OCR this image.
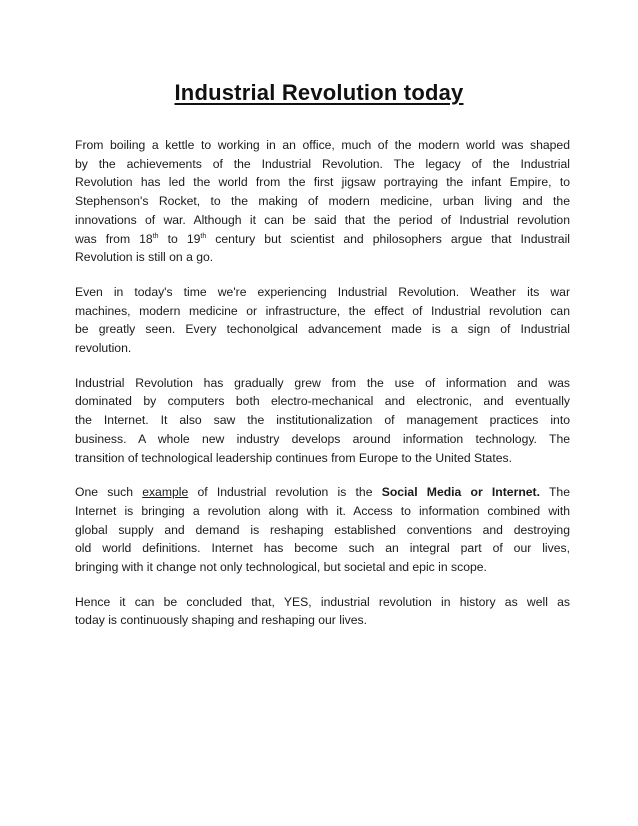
Industrial Revolution today

From boiling a kettle to working in an office, much of the modern world was shaped
by the achievements of the Industrial Revolution. The legacy of the Industrial
Revolution has led the world from the first jigsaw portraying the infant Empire, to
Stephenson's Rocket, to the making of modern medicine, urban living and the
innovations of war. Although it can be said that the period of Industrial revolution
was from 18th to 19th century but scientist and philosophers argue that Industrail
Revolution is still on a go.

Even in today's time we're experiencing Industrial Revolution. Weather its war
machines, modern medicine or infrastructure, the effect of Industrial revolution can
be greatly seen. Every techonolgical advancement made is a sign of Industrial
revolution.

Industrial Revolution has gradually grew from the use of information and was
dominated by computers both electro-mechanical and electronic, and eventually
the Internet. It also saw the institutionalization of management practices into
business. A whole new industry develops around information technology. The
transition of technological leadership continues from Europe to the United States.

One such example of Industrial revolution is the Social Media or Internet. The
Internet is bringing a revolution along with it. Access to information combined with
global supply and demand is reshaping established conventions and destroying
old world definitions. Internet has become such an integral part of our lives,
bringing with it change not only technological, but societal and epic in scope.

Hence it can be concluded that, YES, industrial revolution in history as well as
today is continuously shaping and reshaping our lives.
